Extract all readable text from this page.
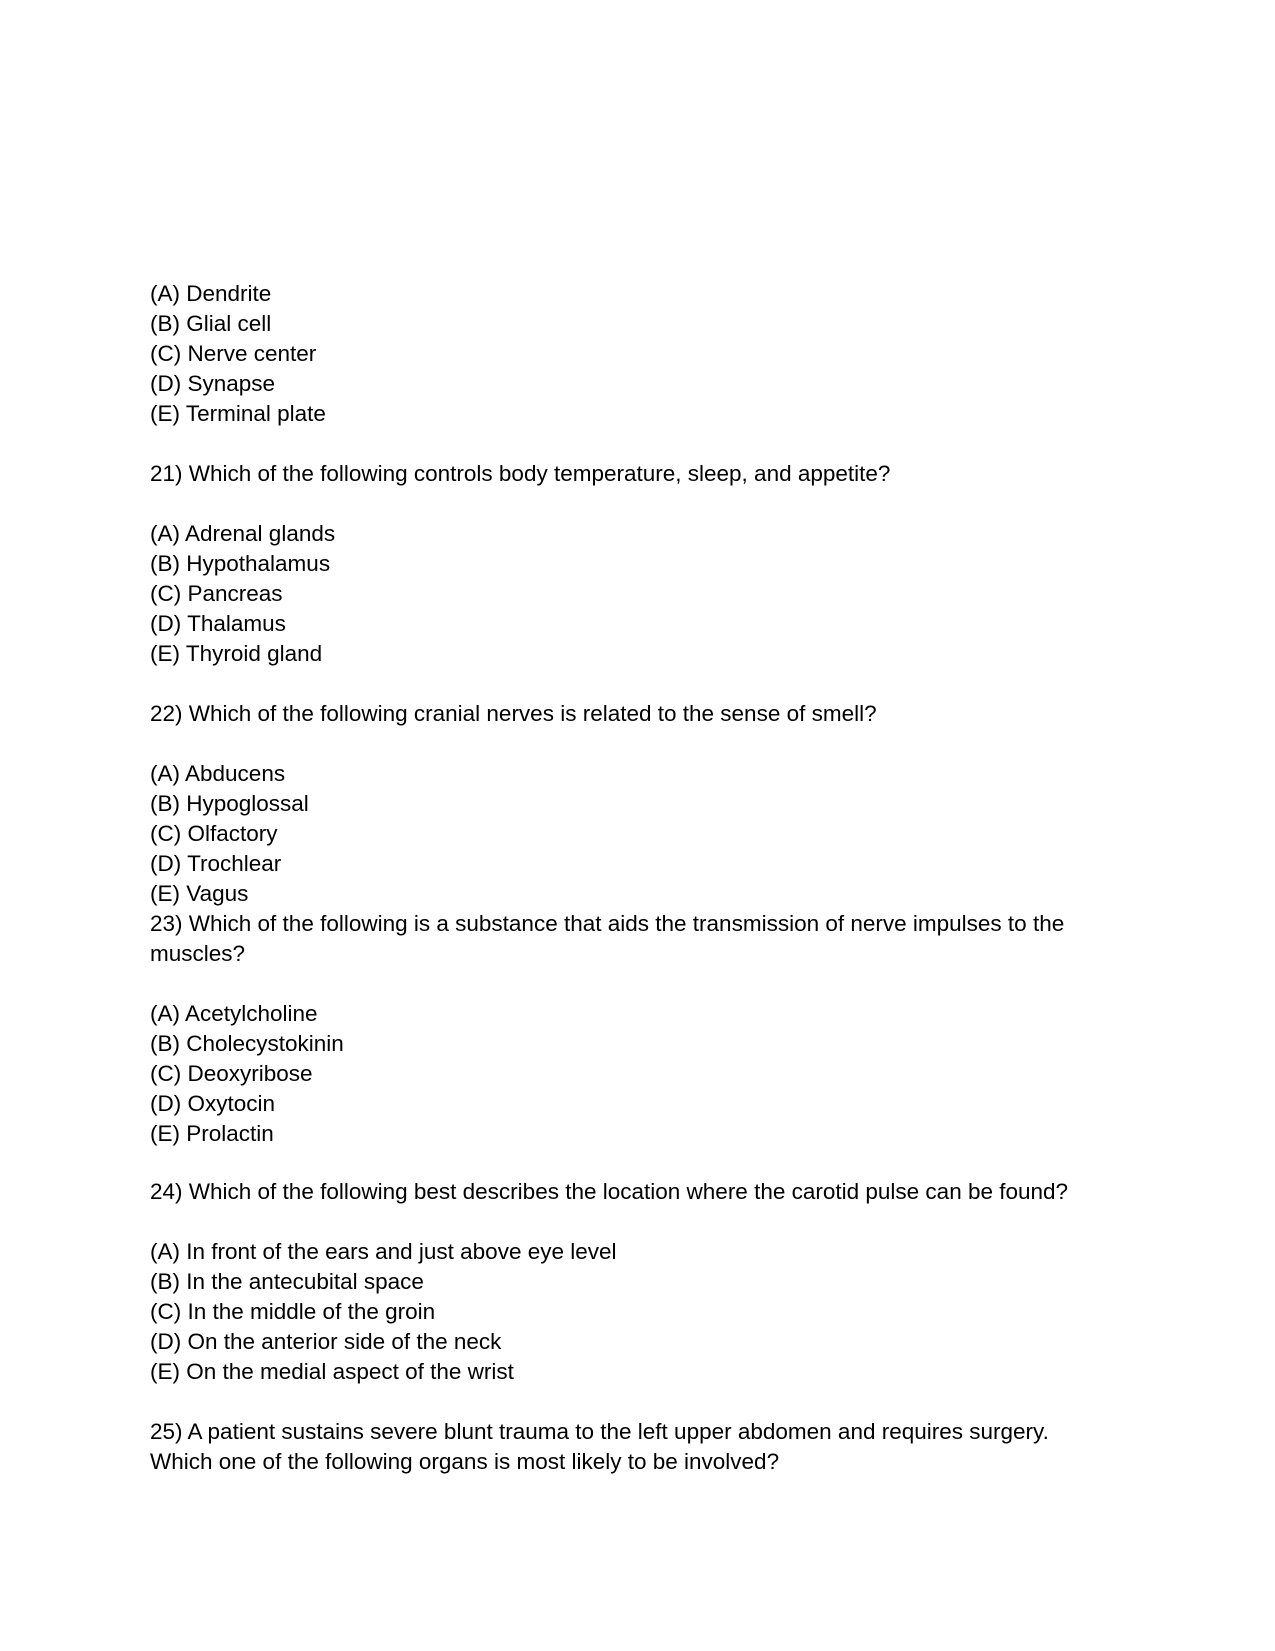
(A) Dendrite
(B) Glial cell
(C) Nerve center
(D) Synapse
(E) Terminal plate
21) Which of the following controls body temperature, sleep, and appetite?
(A) Adrenal glands
(B) Hypothalamus
(C) Pancreas
(D) Thalamus
(E) Thyroid gland
22) Which of the following cranial nerves is related to the sense of smell?
(A) Abducens
(B) Hypoglossal
(C) Olfactory
(D) Trochlear
(E) Vagus
23) Which of the following is a substance that aids the transmission of nerve impulses to the
muscles?
(A) Acetylcholine
(B) Cholecystokinin
(C) Deoxyribose
(D) Oxytocin
(E) Prolactin
24) Which of the following best describes the location where the carotid pulse can be found?
(A) In front of the ears and just above eye level
(B) In the antecubital space
(C) In the middle of the groin
(D) On the anterior side of the neck
(E) On the medial aspect of the wrist
25) A patient sustains severe blunt trauma to the left upper abdomen and requires surgery.
Which one of the following organs is most likely to be involved?
